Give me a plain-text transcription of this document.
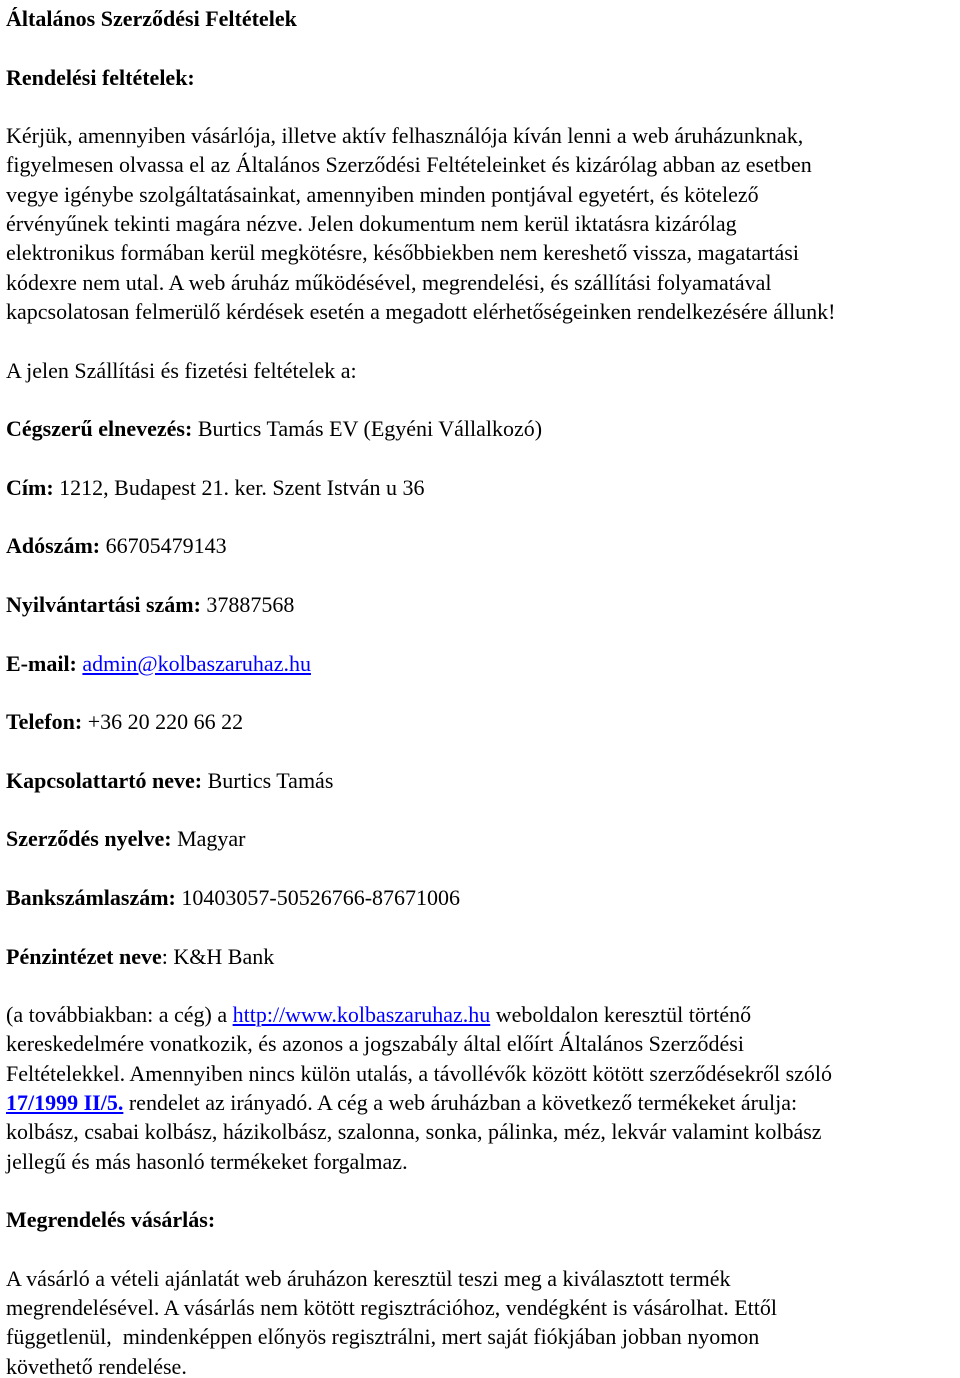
Általános Szerződési Feltételek

Rendelési feltételek:

Kérjük, amennyiben vásárlója, illetve aktív felhasználója kíván lenni a web áruházunknak,

figyelmesen olvassa el az Általános Szerződési Feltételeinket és kizárólag abban az esetben

vegye igénybe szolgáltatásainkat, amennyiben minden pontjával egyetért, és kötelező

érvényűnek tekinti magára nézve. Jelen dokumentum nem kerül iktatásra kizárólag

elektronikus formában kerül megkötésre, későbbiekben nem kereshető vissza, magatartási

kódexre nem utal. A web áruház működésével, megrendelési, és szállítási folyamatával

kapcsolatosan felmerülő kérdések esetén a megadott elérhetőségeinken rendelkezésére állunk!

A jelen Szállítási és fizetési feltételek a:

Cégszerű elnevezés: Burtics Tamás EV (Egyéni Vállalkozó)

Cím: 1212, Budapest 21. ker. Szent István u 36

Adószám: 66705479143

Nyilvántartási szám: 37887568

E-mail: admin@kolbaszaruhaz.hu

Telefon: +36 20 220 66 22

Kapcsolattartó neve: Burtics Tamás

Szerződés nyelve: Magyar

Bankszámlaszám: 10403057-50526766-87671006

Pénzintézet neve: K&H Bank

(a továbbiakban: a cég) a http://www.kolbaszaruhaz.hu weboldalon keresztül történő

kereskedelmére vonatkozik, és azonos a jogszabály által előírt Általános Szerződési

Feltételekkel. Amennyiben nincs külön utalás, a távollévők között kötött szerződésekről szóló

17/1999 II/5. rendelet az irányadó. A cég a web áruházban a következő termékeket árulja:

kolbász, csabai kolbász, házikolbász, szalonna, sonka, pálinka, méz, lekvár valamint kolbász

jellegű és más hasonló termékeket forgalmaz.

Megrendelés vásárlás:

A vásárló a vételi ajánlatát web áruházon keresztül teszi meg a kiválasztott termék

megrendelésével. A vásárlás nem kötött regisztrációhoz, vendégként is vásárolhat. Ettől

függetlenül,  mindenképpen előnyös regisztrálni, mert saját fiókjában jobban nyomon

követhető rendelése.
